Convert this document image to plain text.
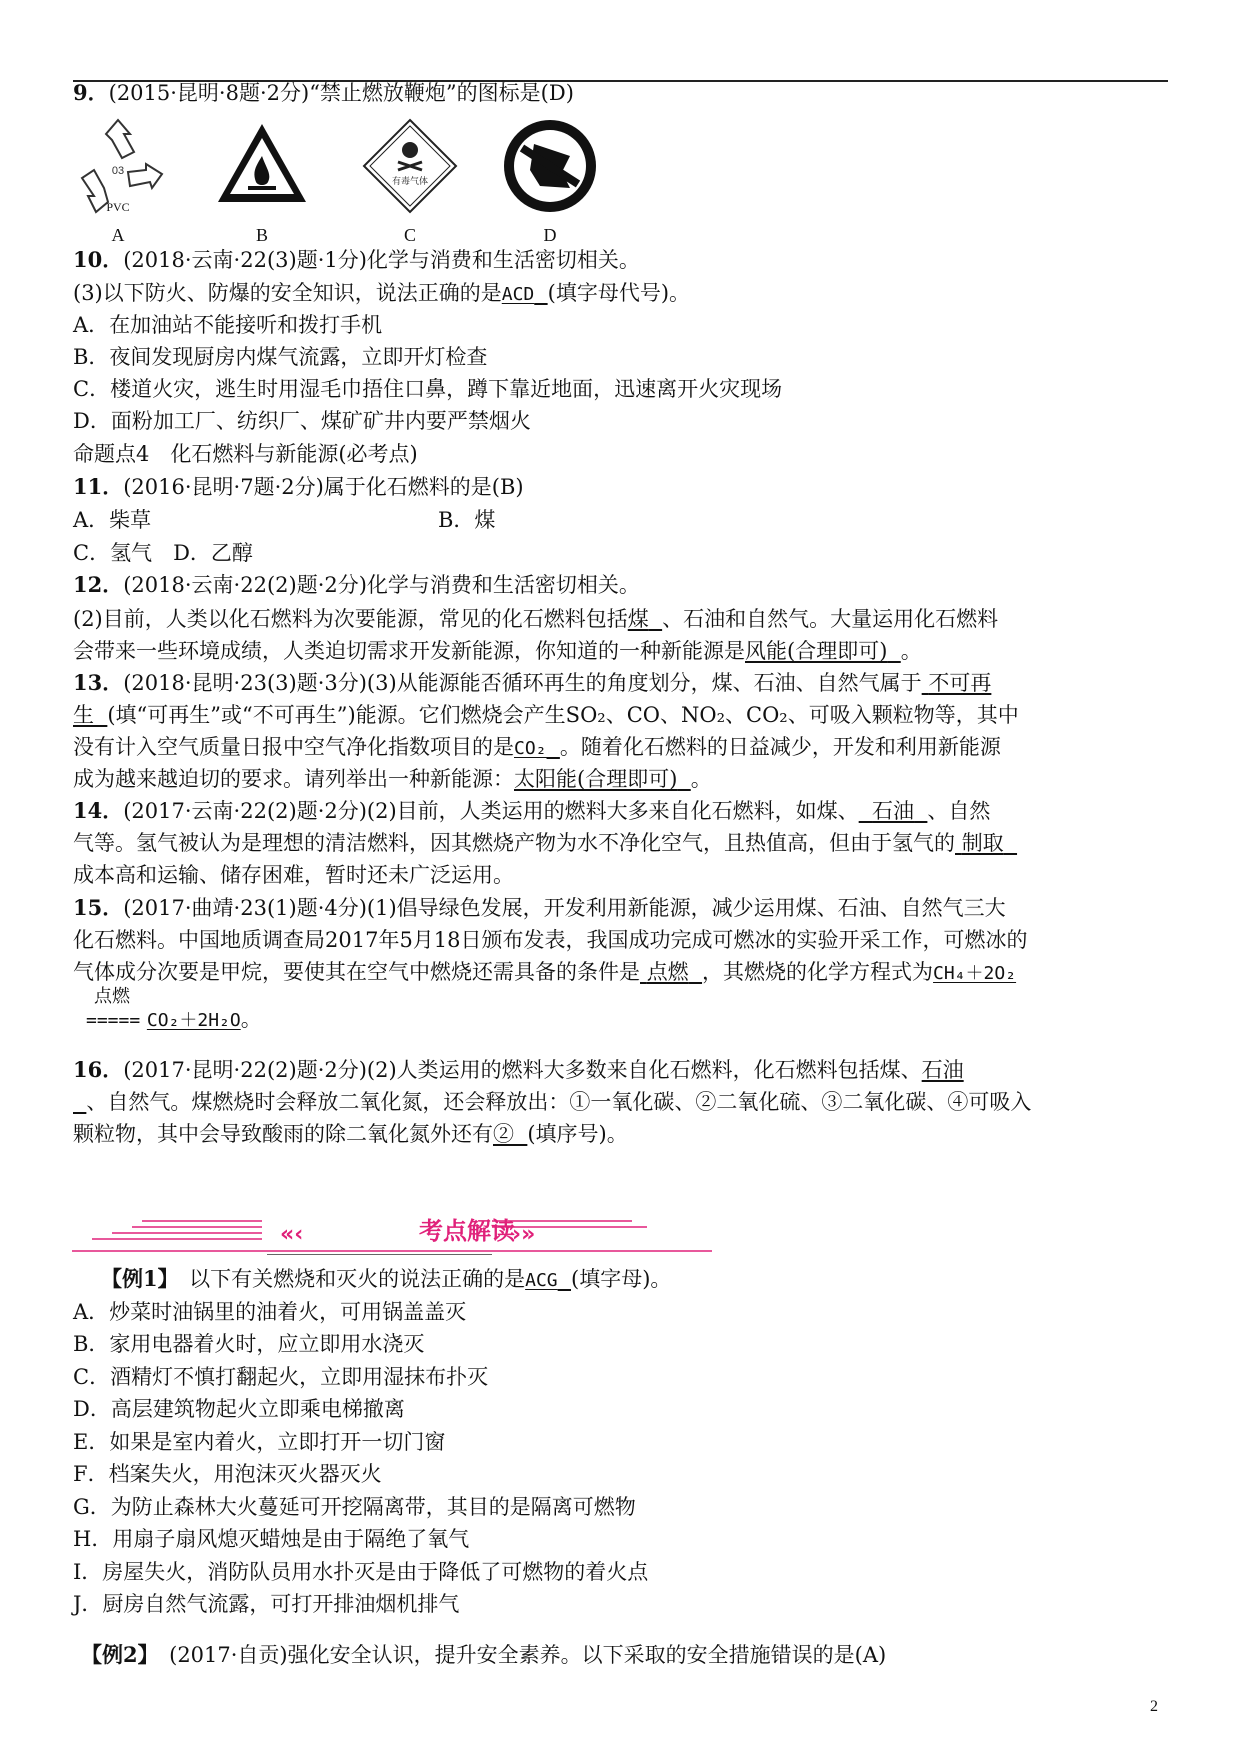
9．(2015·昆明·8题·2分)“禁止燃放鞭炮”的图标是(D)
03
PVC
A	B
有毒气体
C	D
10．(2018·云南·22(3)题·1分)化学与消费和生活密切相关。
(3)以下防火、防爆的安全知识，说法正确的是ACD (填字母代号)。
A．在加油站不能接听和拨打手机
B．夜间发现厨房内煤气流露，立即开灯检查
C．楼道火灾，逃生时用湿毛巾捂住口鼻，蹲下靠近地面，迅速离开火灾现场
D．面粉加工厂、纺织厂、煤矿矿井内要严禁烟火
命题点4　化石燃料与新能源(必考点)
11．(2016·昆明·7题·2分)属于化石燃料的是(B)
A．柴草	B．煤
C．氢气　D．乙醇
12．(2018·云南·22(2)题·2分)化学与消费和生活密切相关。
(2)目前，人类以化石燃料为次要能源，常见的化石燃料包括煤 、石油和自然气。大量运用化石燃料
会带来一些环境成绩，人类迫切需求开发新能源，你知道的一种新能源是风能(合理即可) 。
13．(2018·昆明·23(3)题·3分)(3)从能源能否循环再生的角度划分，煤、石油、自然气属于 不可再
生 (填“可再生”或“不可再生”)能源。它们燃烧会产生SO₂、CO、NO₂、CO₂、可吸入颗粒物等，其中
没有计入空气质量日报中空气净化指数项目的是CO₂ 。随着化石燃料的日益减少，开发和利用新能源
成为越来越迫切的要求。请列举出一种新能源：太阳能(合理即可) 。
14．(2017·云南·22(2)题·2分)(2)目前，人类运用的燃料大多来自化石燃料，如煤、 石油 、自然
气等。氢气被认为是理想的清洁燃料，因其燃烧产物为水不净化空气，且热值高，但由于氢气的 制取
成本高和运输、储存困难，暂时还未广泛运用。
15．(2017·曲靖·23(1)题·4分)(1)倡导绿色发展，开发利用新能源，减少运用煤、石油、自然气三大
化石燃料。中国地质调查局2017年5月18日颁布发表，我国成功完成可燃冰的实验开采工作，可燃冰的
气体成分次要是甲烷，要使其在空气中燃烧还需具备的条件是 点燃 ，其燃烧的化学方程式为CH₄＋2O₂
点燃
===== CO₂＋2H₂O。
16．(2017·昆明·22(2)题·2分)(2)人类运用的燃料大多数来自化石燃料，化石燃料包括煤、石油
、自然气。煤燃烧时会释放二氧化氮，还会释放出：①一氧化碳、②二氧化硫、③二氧化碳、④可吸入
颗粒物，其中会导致酸雨的除二氧化氮外还有② (填序号)。
«‹	›»
考点解读
【例1】　以下有关燃烧和灭火的说法正确的是ACG (填字母)。
A．炒菜时油锅里的油着火，可用锅盖盖灭
B．家用电器着火时，应立即用水浇灭
C．酒精灯不慎打翻起火，立即用湿抹布扑灭
D．高层建筑物起火立即乘电梯撤离
E．如果是室内着火，立即打开一切门窗
F．档案失火，用泡沫灭火器灭火
G．为防止森林大火蔓延可开挖隔离带，其目的是隔离可燃物
H．用扇子扇风熄灭蜡烛是由于隔绝了氧气
I．房屋失火，消防队员用水扑灭是由于降低了可燃物的着火点
J．厨房自然气流露，可打开排油烟机排气
【例2】　(2017·自贡)强化安全认识，提升安全素养。以下采取的安全措施错误的是(A)
2
